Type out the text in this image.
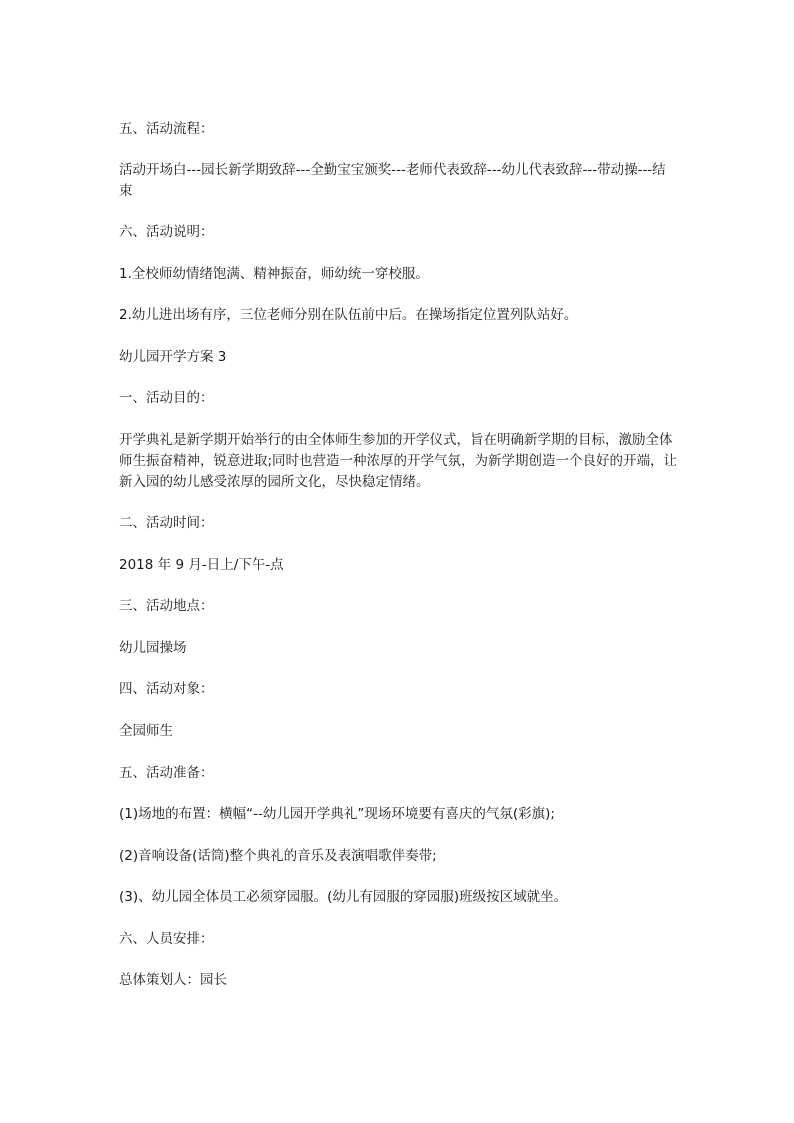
五、活动流程：
活动开场白---园长新学期致辞---全勤宝宝颁奖---老师代表致辞---幼儿代表致辞---带动操---结束
六、活动说明：
1.全校师幼情绪饱满、精神振奋，师幼统一穿校服。
2.幼儿进出场有序，三位老师分别在队伍前中后。在操场指定位置列队站好。
幼儿园开学方案 3
一、活动目的：
开学典礼是新学期开始举行的由全体师生参加的开学仪式，旨在明确新学期的目标，激励全体师生振奋精神，锐意进取;同时也营造一种浓厚的开学气氛，为新学期创造一个良好的开端，让新入园的幼儿感受浓厚的园所文化，尽快稳定情绪。
二、活动时间：
2018 年 9 月-日上/下午-点
三、活动地点：
幼儿园操场
四、活动对象：
全园师生
五、活动准备：
(1)场地的布置：横幅“--幼儿园开学典礼”现场环境要有喜庆的气氛(彩旗);
(2)音响设备(话筒)整个典礼的音乐及表演唱歌伴奏带;
(3)、幼儿园全体员工必须穿园服。(幼儿有园服的穿园服)班级按区域就坐。
六、人员安排：
总体策划人：园长
